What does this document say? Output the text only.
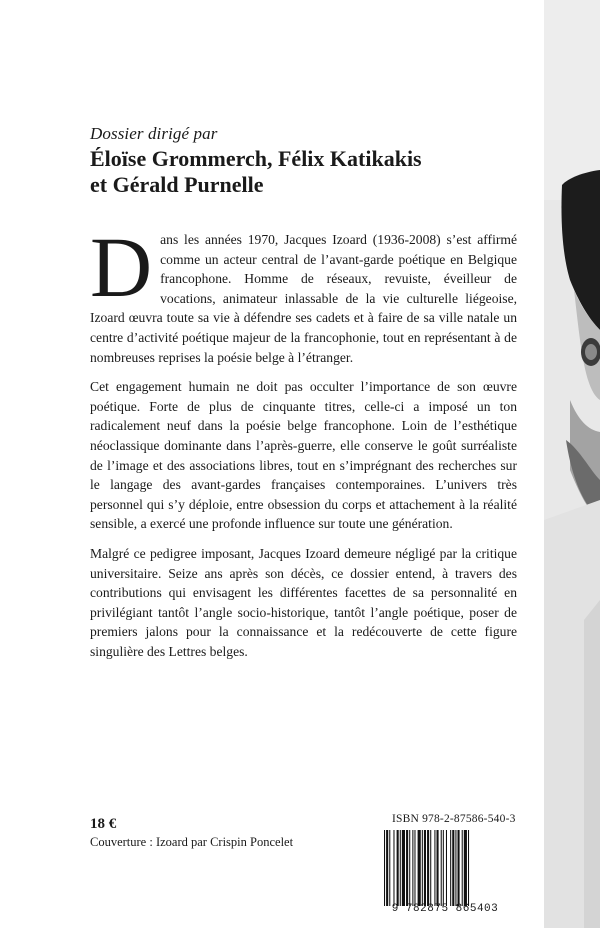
Dossier dirigé par
Éloïse Grommerch, Félix Katikakis
et Gérald Purnelle

Dans les années 1970, Jacques Izoard (1936-2008) s’est affirmé comme un acteur central de l’avant-garde poétique en Belgique francophone. Homme de réseaux, revuiste, éveilleur de vocations, animateur inlassable de la vie culturelle liégeoise, Izoard œuvra toute sa vie à défendre ses cadets et à faire de sa ville natale un centre d’activité poétique majeur de la francophonie, tout en représentant à de nombreuses reprises la poésie belge à l’étranger.

Cet engagement humain ne doit pas occulter l’importance de son œuvre poétique. Forte de plus de cinquante titres, celle-ci a imposé un ton radicalement neuf dans la poésie belge francophone. Loin de l’esthétique néoclassique dominante dans l’après-guerre, elle conserve le goût surréaliste de l’image et des associations libres, tout en s’imprégnant des recherches sur le langage des avant-gardes françaises contemporaines. L’univers très personnel qui s’y déploie, entre obsession du corps et attachement à la réalité sensible, a exercé une profonde influence sur toute une génération.

Malgré ce pedigree imposant, Jacques Izoard demeure négligé par la critique universitaire. Seize ans après son décès, ce dossier entend, à travers des contributions qui envisagent les différentes facettes de sa personnalité en privilégiant tantôt l’angle socio-historique, tantôt l’angle poétique, poser de premiers jalons pour la connaissance et la redécouverte de cette figure singulière des Lettres belges.

18 €
Couverture : Izoard par Crispin Poncelet
ISBN 978-2-87586-540-3
9 782875 865403
